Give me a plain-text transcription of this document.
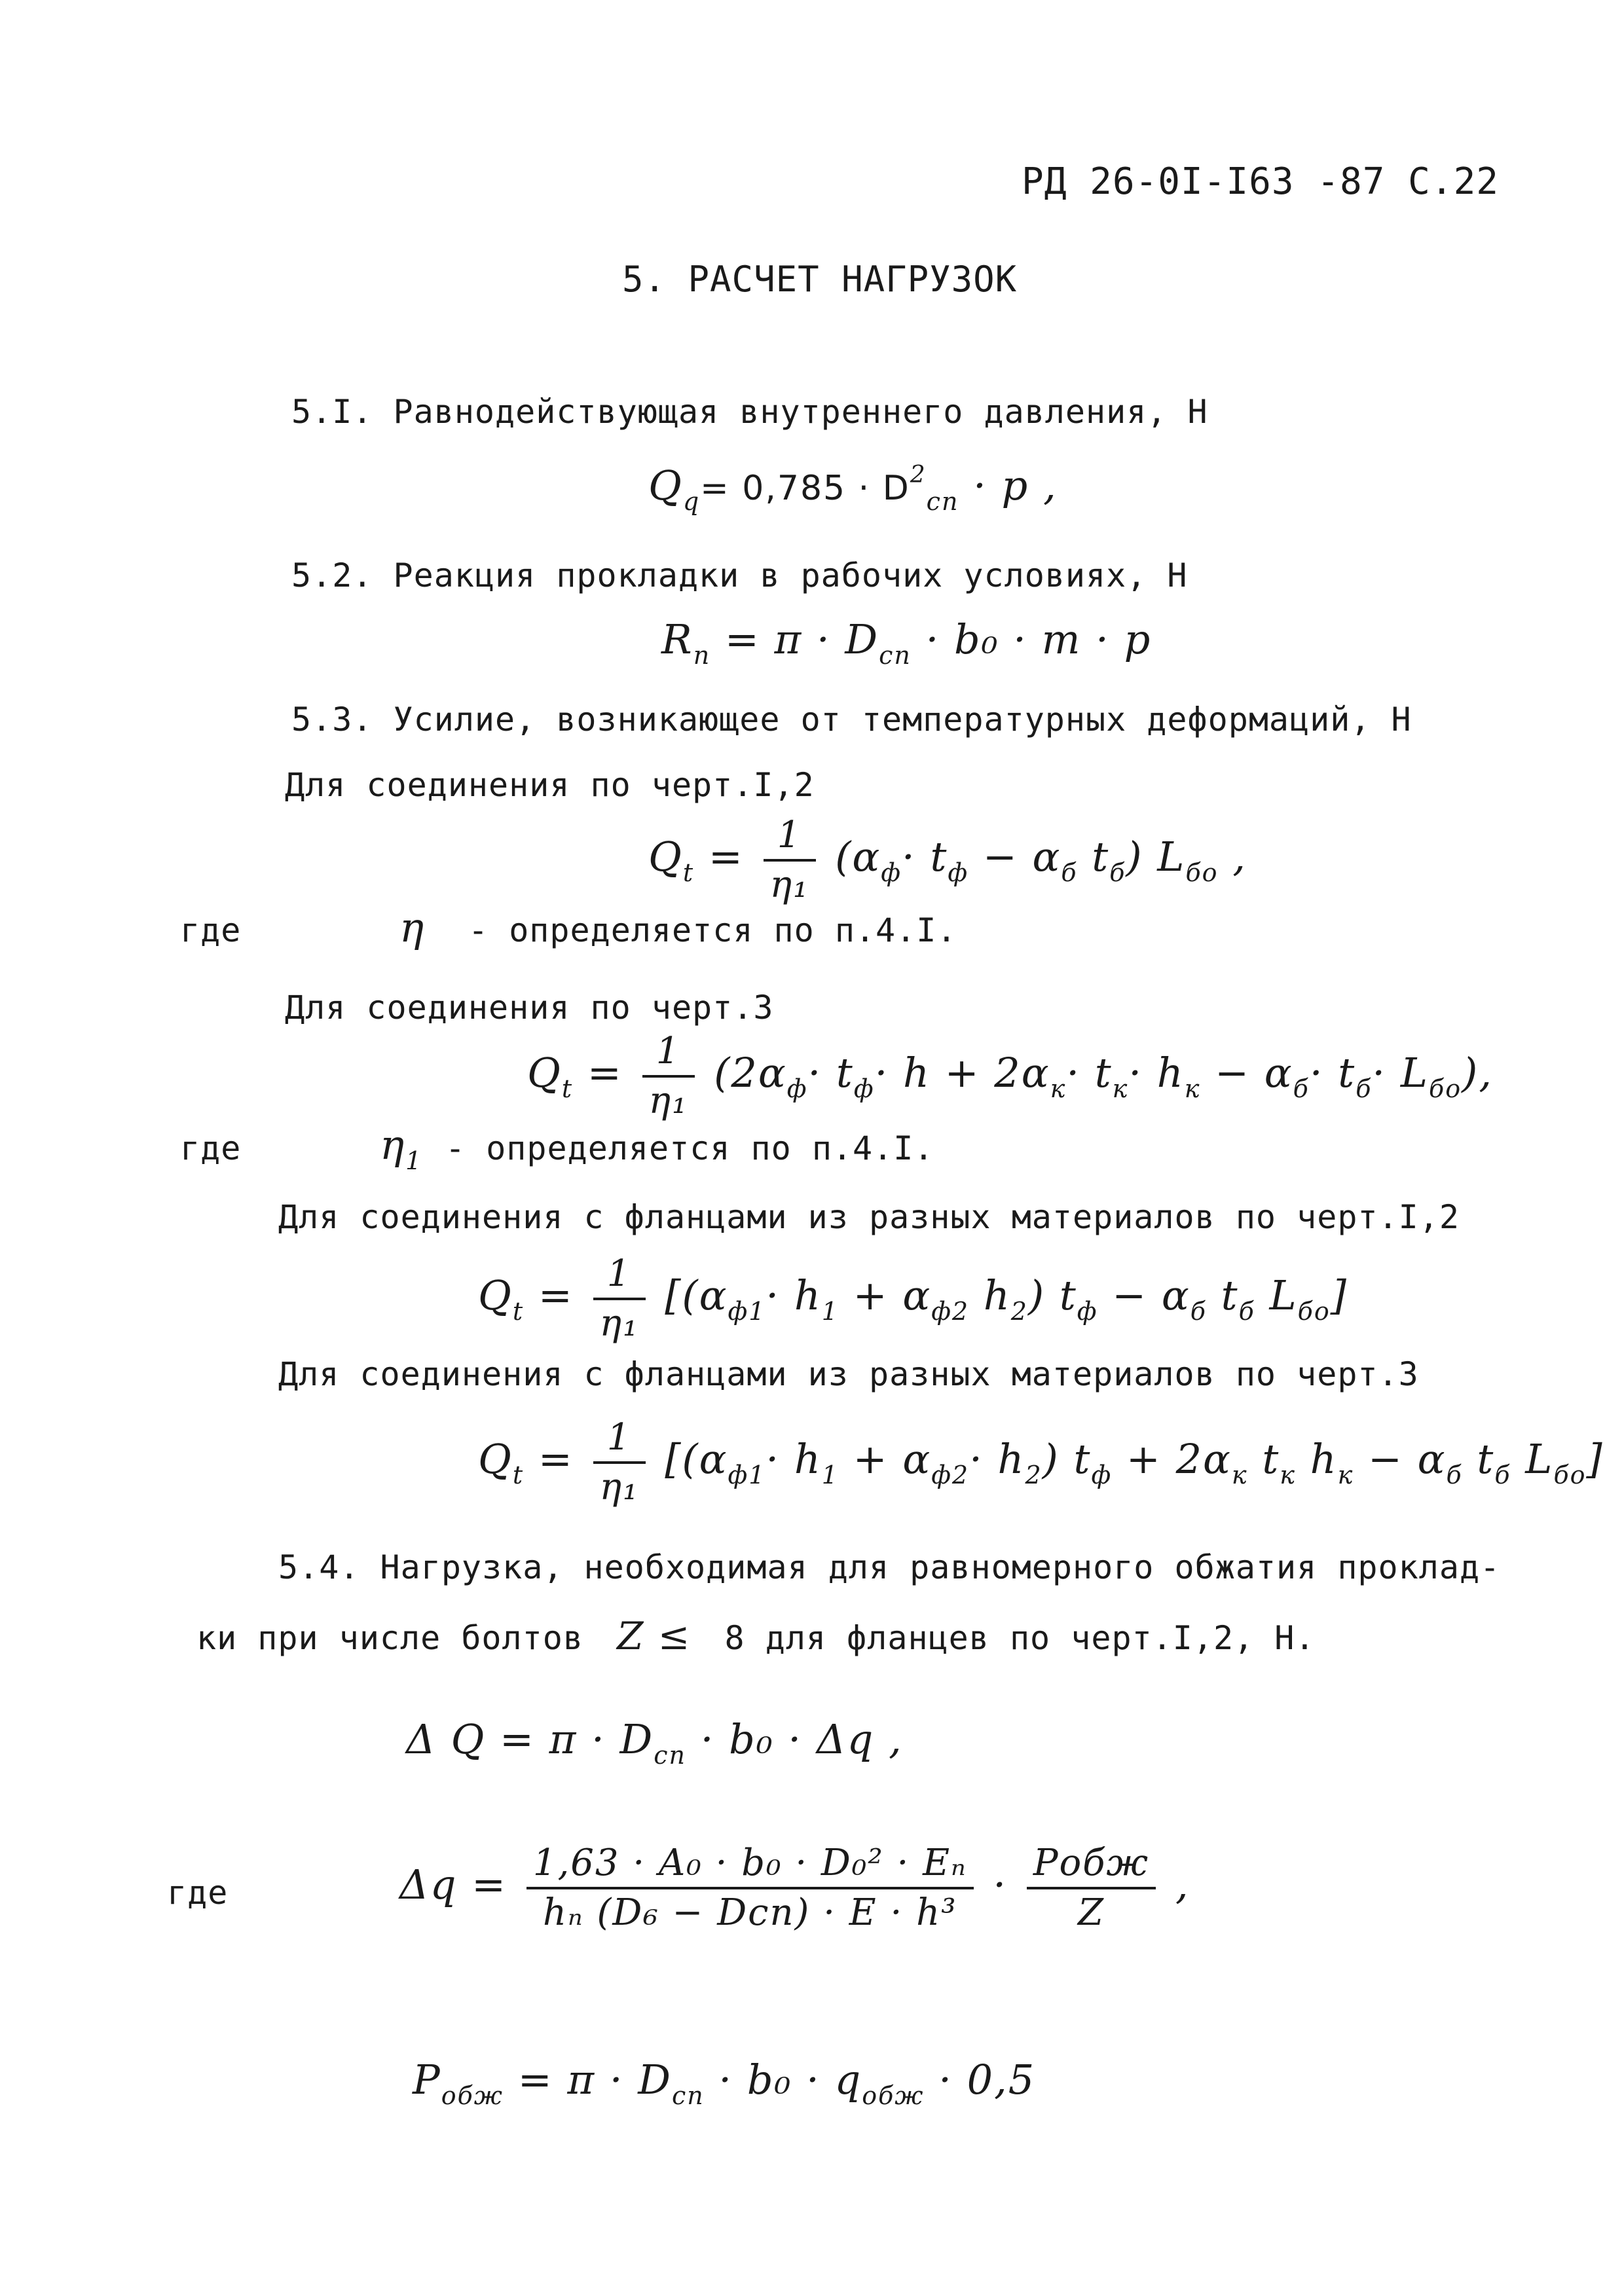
РД 26-0I-I63 -87 С.22
5. РАСЧЕТ НАГРУЗОК
5.I. Равнодействующая внутреннего давления, Н
$Q_q= 0,785 \cdot D^2_{сп} \cdot p$ ,
5.2. Реакция прокладки в рабочих условиях, Н
$R_п = \pi \cdot D_{сп} \cdot b_0 \cdot m \cdot p$
5.3. Усилие, возникающее от температурных деформаций, Н
Для соединения по черт.I,2
$Q_t = \frac{1}{\text{η₁}} (\alpha_ф\cdot t_ф - \alpha_б$ $t_б$) $L_{бо}$ ,
где	η - определяется по п.4.I.
Для соединения по черт.3
$Q_t = \frac{1}{\text{η₁}} (2\alpha_ф\cdot t_ф\cdot h + 2\alpha_к\cdot t_к\cdot h_к - \alpha_б\cdot t_б\cdot L_{бо})$,
где	$\eta_1$ - определяется по п.4.I.
Для соединения с фланцами из разных материалов по черт.I,2
$Q_t = \frac{1}{\text{η₁}} [(\alpha_{ф1}\cdot h_1 + \alpha_{ф2}$ $h_2$) $t_ф - \alpha_б$ $t_б$ $L_{бо}$]
Для соединения с фланцами из разных материалов по черт.3
$Q_t = \frac{1}{\text{η₁}} [(\alpha_{ф1}\cdot h_1 + \alpha_{ф2}\cdot h_2) t_ф + 2\alpha_к$ $t_к$ $h_к - \alpha_б$ $t_б$ $L_{бо}$]
5.4. Нагрузка, необходимая для равномерного обжатия проклад-
ки при числе болтов Z ≤ 8 для фланцев по черт.I,2, Н.
Δ $Q = \pi \cdot D_{сп} \cdot b_0 \cdot \Delta q$ ,
где	$\Delta q = \frac{\text{1,63 · A₀ · b₀ · D₀² · Eₙ}}{\text{hₙ (D₆ − Dсп) · E · h³}} \cdot \frac{\text{Pобж}}{Z}$ ,
$P_{обж} = \pi \cdot D_{сп} \cdot b_0 \cdot q_{обж} \cdot 0,5$
